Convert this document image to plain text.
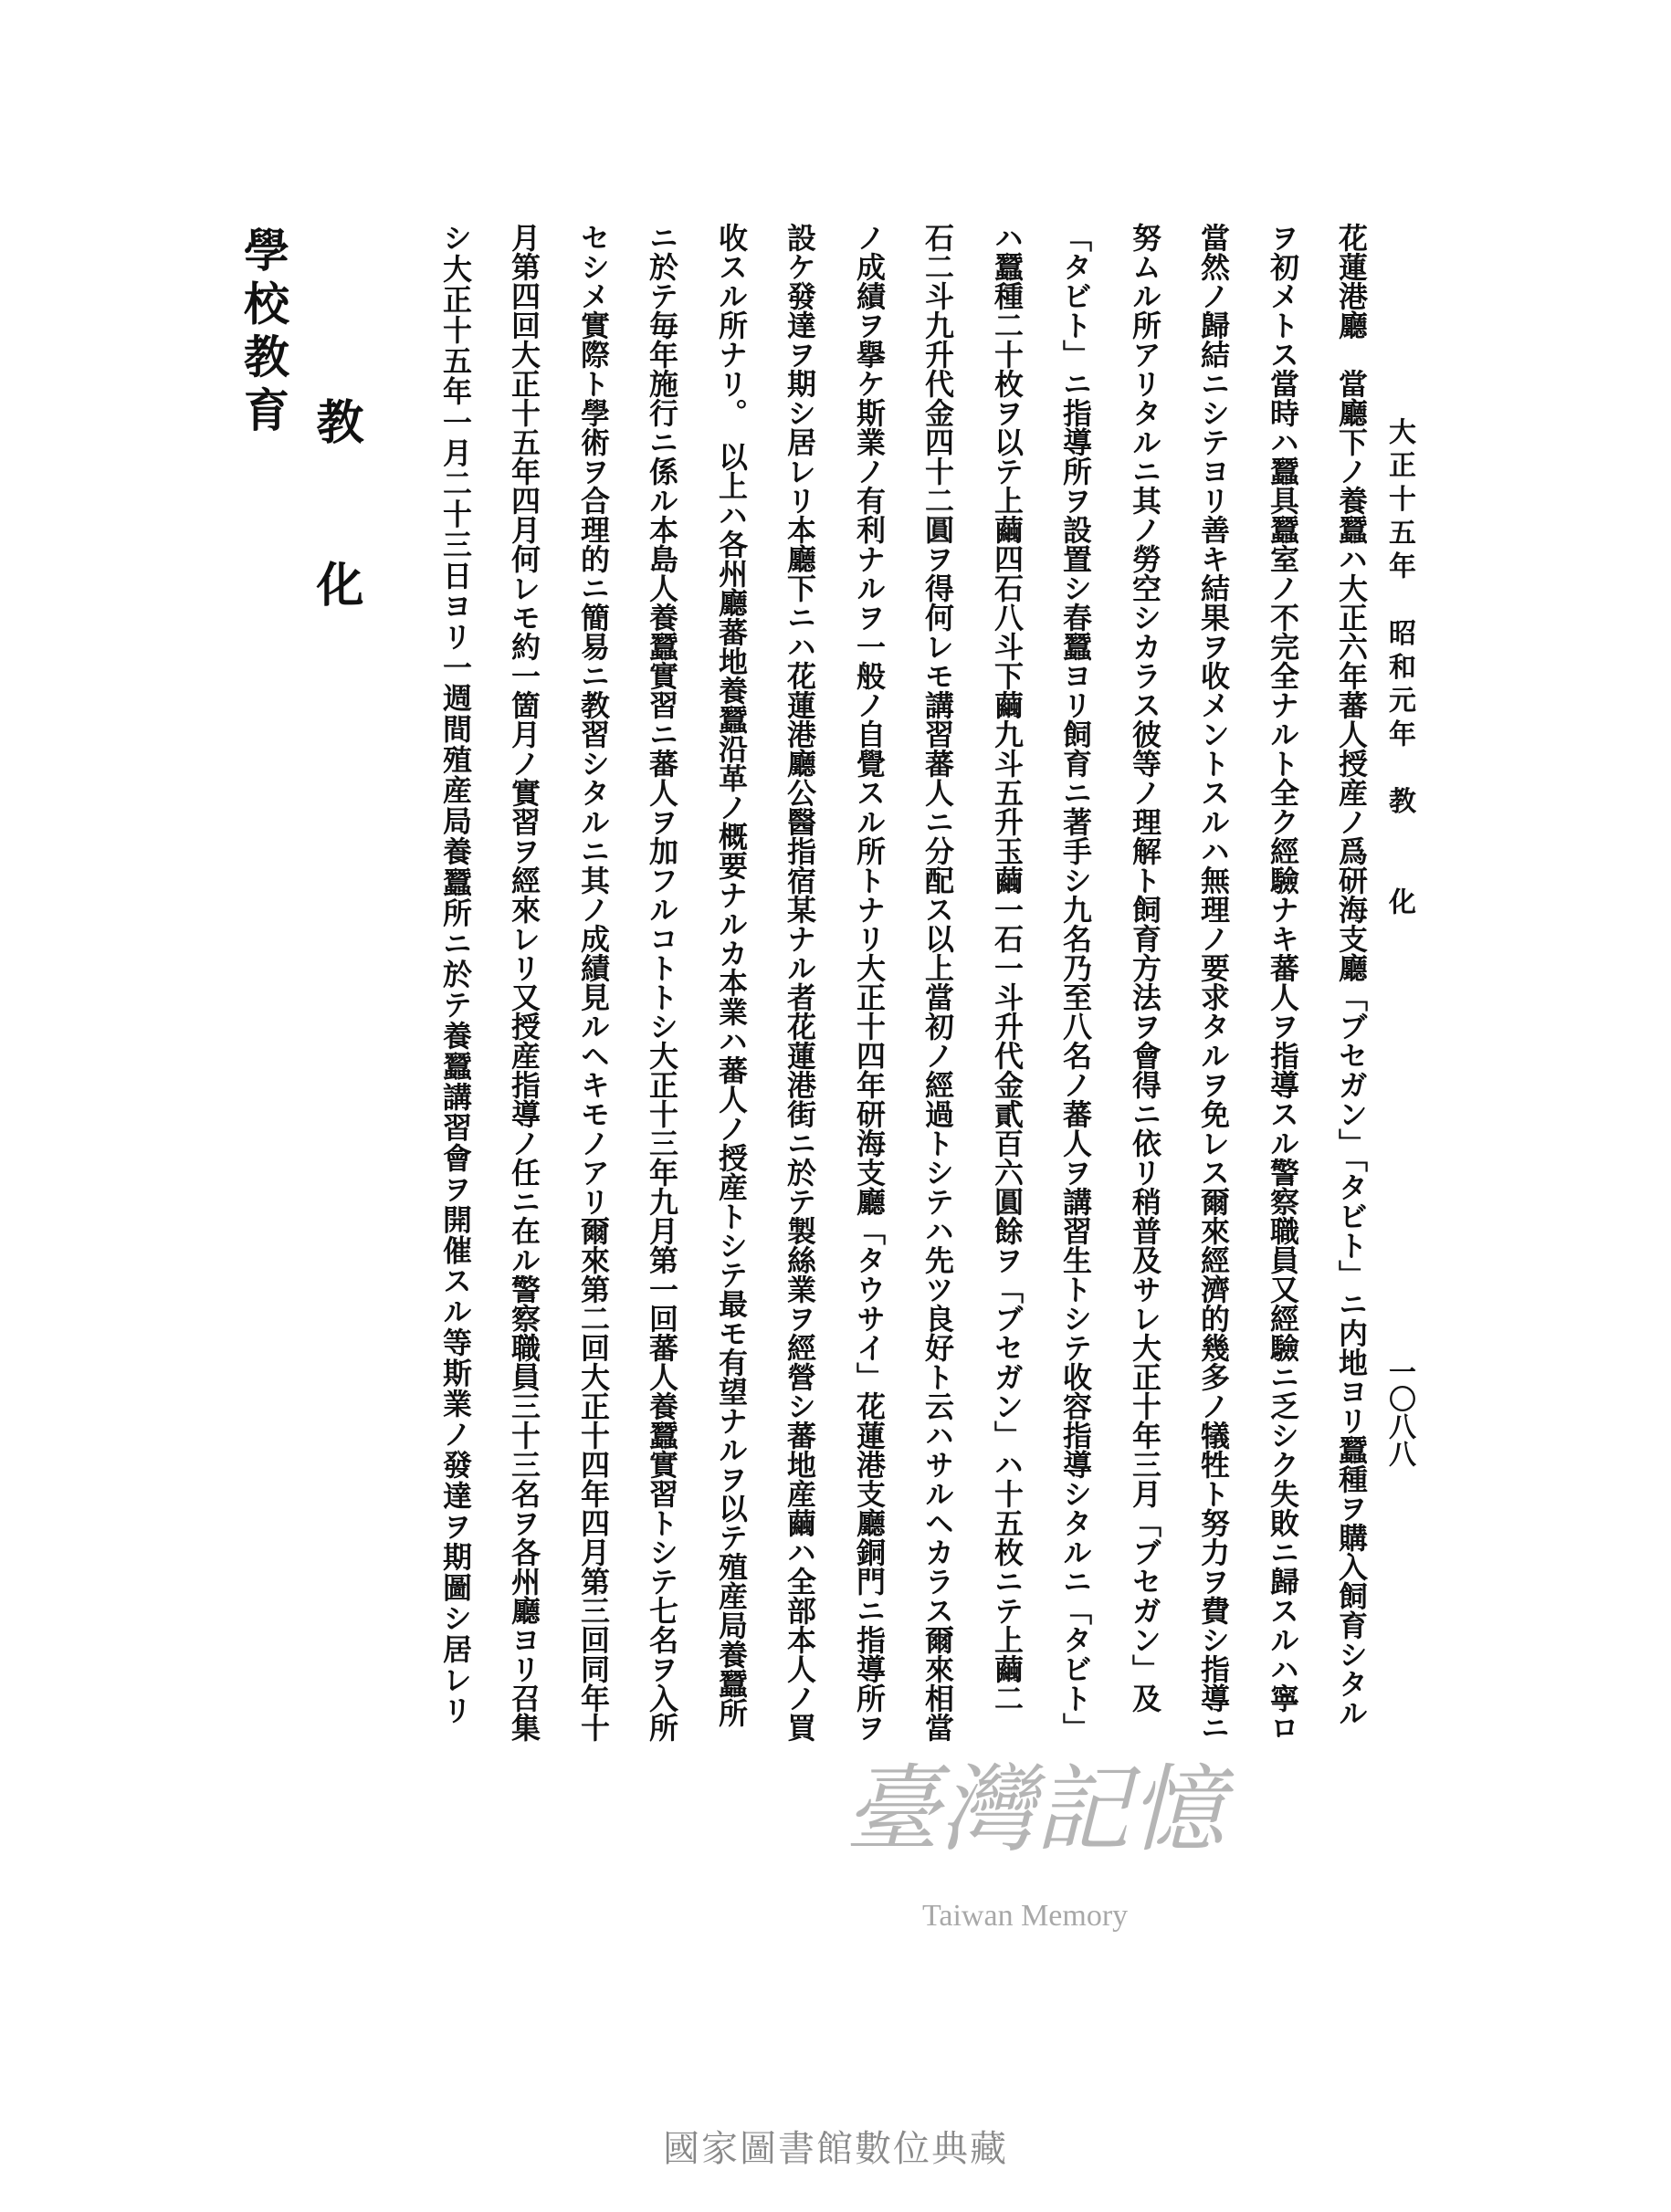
大正十五年　昭和元年　教　　化
一〇八八
花蓮港廳　當廳下ノ養蠶ハ大正六年蕃人授産ノ爲研海支廳「ブセガン」「タビト」ニ内地ヨリ蠶種ヲ購入飼育シタル
ヲ初メトス當時ハ蠶具蠶室ノ不完全ナルト全ク經驗ナキ蕃人ヲ指導スル警察職員又經驗ニ乏シク失敗ニ歸スルハ寧ロ
當然ノ歸結ニシテヨリ善キ結果ヲ收メントスルハ無理ノ要求タルヲ免レス爾來經濟的幾多ノ犠牲ト努力ヲ費シ指導ニ
努ムル所アリタルニ其ノ勞空シカラス彼等ノ理解ト飼育方法ヲ會得ニ依リ稍普及サレ大正十年三月「ブセガン」及
「タビト」ニ指導所ヲ設置シ春蠶ヨリ飼育ニ著手シ九名乃至八名ノ蕃人ヲ講習生トシテ收容指導シタルニ「タビト」
ハ蠶種二十枚ヲ以テ上繭四石八斗下繭九斗五升玉繭一石一斗升代金貳百六圓餘ヲ「ブセガン」ハ十五枚ニテ上繭二
石二斗九升代金四十二圓ヲ得何レモ講習蕃人ニ分配ス以上當初ノ經過トシテハ先ツ良好ト云ハサルヘカラス爾來相當
ノ成績ヲ擧ケ斯業ノ有利ナルヲ一般ノ自覺スル所トナリ大正十四年研海支廳「タウサイ」花蓮港支廳銅門ニ指導所ヲ
設ケ發達ヲ期シ居レリ本廳下ニハ花蓮港廳公醫指宿某ナル者花蓮港街ニ於テ製絲業ヲ經營シ蕃地産繭ハ全部本人ノ買
收スル所ナリ。　以上ハ各州廳蕃地養蠶沿革ノ概要ナルカ本業ハ蕃人ノ授産トシテ最モ有望ナルヲ以テ殖産局養蠶所
ニ於テ毎年施行ニ係ル本島人養蠶實習ニ蕃人ヲ加フルコトトシ大正十三年九月第一回蕃人養蠶實習トシテ七名ヲ入所
セシメ實際ト學術ヲ合理的ニ簡易ニ教習シタルニ其ノ成績見ルヘキモノアリ爾來第二回大正十四年四月第三回同年十
月第四回大正十五年四月何レモ約一箇月ノ實習ヲ經來レリ又授産指導ノ任ニ在ル警察職員三十三名ヲ各州廳ヨリ召集
シ大正十五年一月二十三日ヨリ一週間殖産局養蠶所ニ於テ養蠶講習會ヲ開催スル等斯業ノ發達ヲ期圖シ居レリ
教化
學校教育
臺灣記憶
Taiwan Memory
國家圖書館數位典藏
